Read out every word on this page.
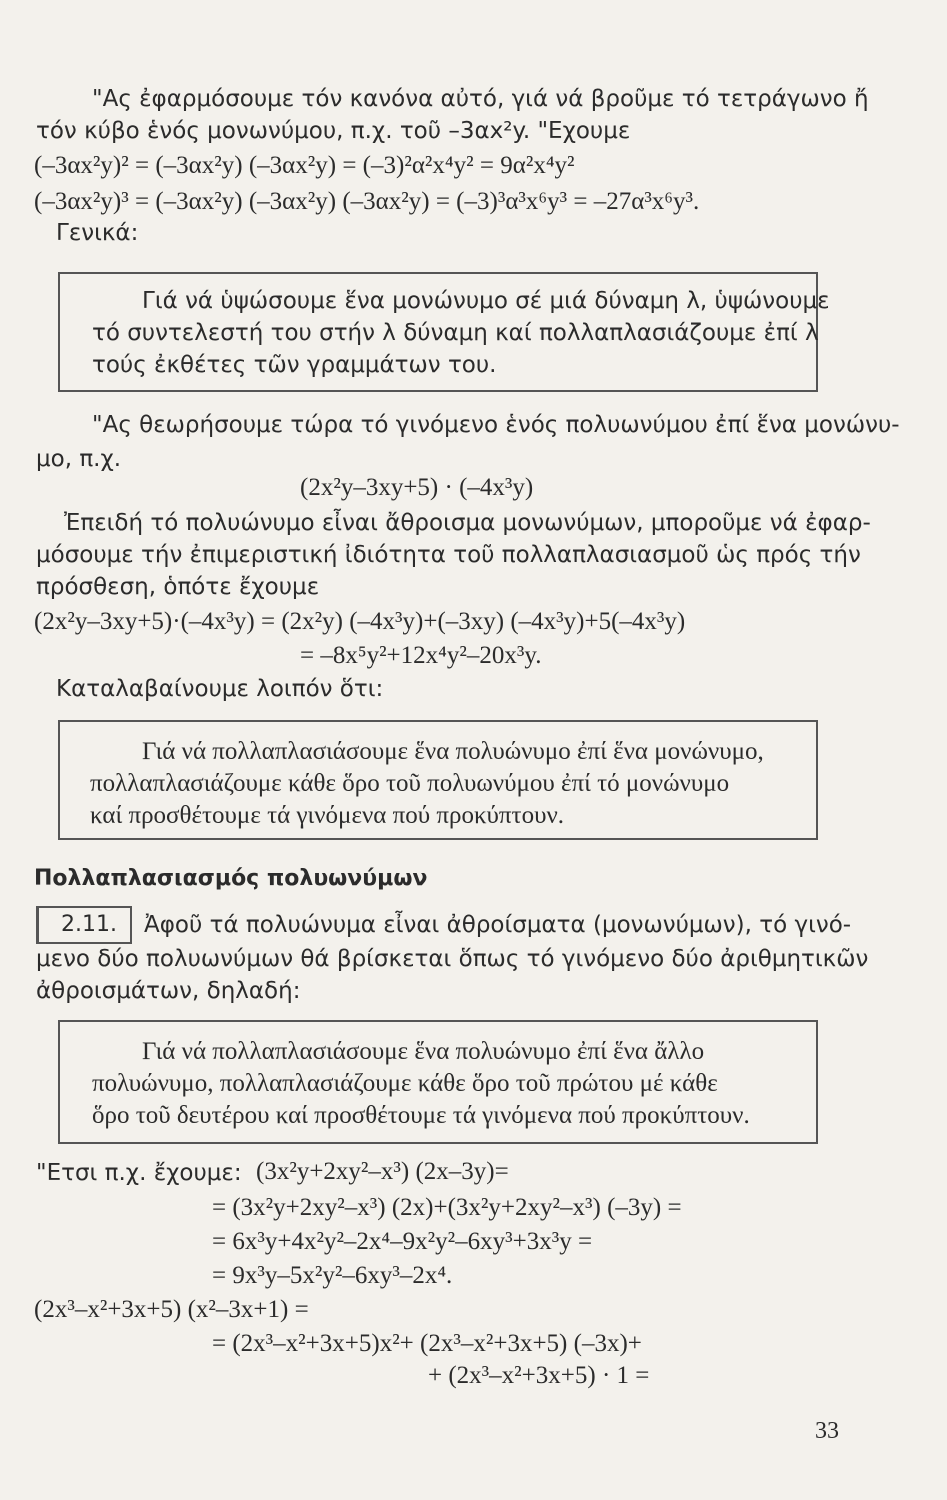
"Ας ἐφαρμόσουμε τόν κανόνα αὐτό, γιά νά βροῦμε τό τετράγωνο ἤ
τόν κύβο ἑνός μονωνύμου, π.χ. τοῦ –3αx²y. "Εχουμε
(–3αx²y)² = (–3αx²y) (–3αx²y) = (–3)²α²x⁴y² = 9α²x⁴y²
(–3αx²y)³ = (–3αx²y) (–3αx²y) (–3αx²y) = (–3)³α³x⁶y³ = –27α³x⁶y³.
Γενικά:
Γιά νά ὑψώσουμε ἕνα μονώνυμο σέ μιά δύναμη λ, ὑψώνουμε
τό συντελεστή του στήν λ δύναμη καί πολλαπλασιάζουμε ἐπί λ
τούς ἐκθέτες τῶν γραμμάτων του.
"Ας θεωρήσουμε τώρα τό γινόμενο ἑνός πολυωνύμου ἐπί ἕνα μονώνυ-
μο, π.χ.
(2x²y–3xy+5) · (–4x³y)
Ἐπειδή τό πολυώνυμο εἶναι ἄθροισμα μονωνύμων, μποροῦμε νά ἐφαρ-
μόσουμε τήν ἐπιμεριστική ἰδιότητα τοῦ πολλαπλασιασμοῦ ὡς πρός τήν
πρόσθεση, ὁπότε ἔχουμε
(2x²y–3xy+5)·(–4x³y) = (2x²y) (–4x³y)+(–3xy) (–4x³y)+5(–4x³y)
= –8x⁵y²+12x⁴y²–20x³y.
Καταλαβαίνουμε λοιπόν ὅτι:
Γιά νά πολλαπλασιάσουμε ἕνα πολυώνυμο ἐπί ἕνα μονώνυμο,
πολλαπλασιάζουμε κάθε ὅρο τοῦ πολυωνύμου ἐπί τό μονώνυμο
καί προσθέτουμε τά γινόμενα πού προκύπτουν.
Πολλαπλασιασμός πολυωνύμων
2.11. Ἀφοῦ τά πολυώνυμα εἶναι ἀθροίσματα (μονωνύμων), τό γινό-
μενο δύο πολυωνύμων θά βρίσκεται ὅπως τό γινόμενο δύο ἀριθμητικῶν
ἀθροισμάτων, δηλαδή:
Γιά νά πολλαπλασιάσουμε ἕνα πολυώνυμο ἐπί ἕνα ἄλλο
πολυώνυμο, πολλαπλασιάζουμε κάθε ὅρο τοῦ πρώτου μέ κάθε
ὅρο τοῦ δευτέρου καί προσθέτουμε τά γινόμενα πού προκύπτουν.
"Ετσι π.χ. ἔχουμε: (3x²y+2xy²–x³) (2x–3y)=
= (3x²y+2xy²–x³) (2x)+(3x²y+2xy²–x³) (–3y) =
= 6x³y+4x²y²–2x⁴–9x²y²–6xy³+3x³y =
= 9x³y–5x²y²–6xy³–2x⁴.
(2x³–x²+3x+5) (x²–3x+1) =
= (2x³–x²+3x+5)x²+ (2x³–x²+3x+5) (–3x)+
+ (2x³–x²+3x+5) · 1 =
33
